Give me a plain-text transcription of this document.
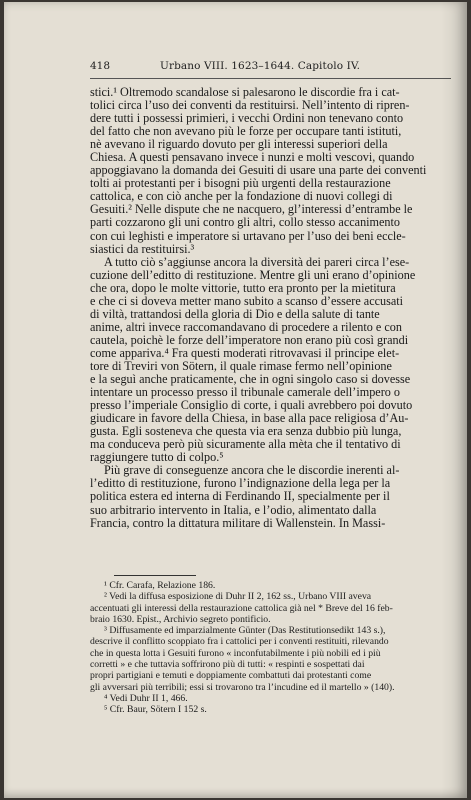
418	Urbano VIII. 1623–1644. Capitolo IV.
stici.¹ Oltremodo scandalose si palesarono le discordie fra i cat-
tolici circa l’uso dei conventi da restituirsi. Nell’intento di ripren-
dere tutti i possessi primieri, i vecchi Ordini non tenevano conto
del fatto che non avevano più le forze per occupare tanti istituti,
nè avevano il riguardo dovuto per gli interessi superiori della
Chiesa. A questi pensavano invece i nunzi e molti vescovi, quando
appoggiavano la domanda dei Gesuiti di usare una parte dei conventi
tolti ai protestanti per i bisogni più urgenti della restaurazione
cattolica, e con ciò anche per la fondazione di nuovi collegi di
Gesuiti.² Nelle dispute che ne nacquero, gl’interessi d’entrambe le
parti cozzarono gli uni contro gli altri, collo stesso accanimento
con cui leghisti e imperatore si urtavano per l’uso dei beni eccle-
siastici da restituirsi.³
A tutto ciò s’aggiunse ancora la diversità dei pareri circa l’ese-
cuzione dell’editto di restituzione. Mentre gli uni erano d’opinione
che ora, dopo le molte vittorie, tutto era pronto per la mietitura
e che ci si doveva metter mano subito a scanso d’essere accusati
di viltà, trattandosi della gloria di Dio e della salute di tante
anime, altri invece raccomandavano di procedere a rilento e con
cautela, poichè le forze dell’imperatore non erano più così grandi
come appariva.⁴ Fra questi moderati ritrovavasi il principe elet-
tore di Treviri von Sötern, il quale rimase fermo nell’opinione
e la seguì anche praticamente, che in ogni singolo caso si dovesse
intentare un processo presso il tribunale camerale dell’impero o
presso l’imperiale Consiglio di corte, i quali avrebbero poi dovuto
giudicare in favore della Chiesa, in base alla pace religiosa d’Au-
gusta. Egli sosteneva che questa via era senza dubbio più lunga,
ma conduceva però più sicuramente alla mèta che il tentativo di
raggiungere tutto di colpo.⁵
Più grave di conseguenze ancora che le discordie inerenti al-
l’editto di restituzione, furono l’indignazione della lega per la
politica estera ed interna di Ferdinando II, specialmente per il
suo arbitrario intervento in Italia, e l’odio, alimentato dalla
Francia, contro la dittatura militare di Wallenstein. In Massi-
¹ Cfr. Carafa, Relazione 186.
² Vedi la diffusa esposizione di Duhr II 2, 162 ss., Urbano VIII aveva
accentuati gli interessi della restaurazione cattolica già nel * Breve del 16 feb-
braio 1630. Epist., Archivio segreto pontificio.
³ Diffusamente ed imparzialmente Günter (Das Restitutionsedikt 143 s.),
descrive il conflitto scoppiato fra i cattolici per i conventi restituiti, rilevando
che in questa lotta i Gesuiti furono « inconfutabilmente i più nobili ed i più
corretti » e che tuttavia soffrirono più di tutti: « respinti e sospettati dai
propri partigiani e temuti e doppiamente combattuti dai protestanti come
gli avversari più terribili; essi si trovarono tra l’incudine ed il martello » (140).
⁴ Vedi Duhr II 1, 466.
⁵ Cfr. Baur, Sötern I 152 s.
